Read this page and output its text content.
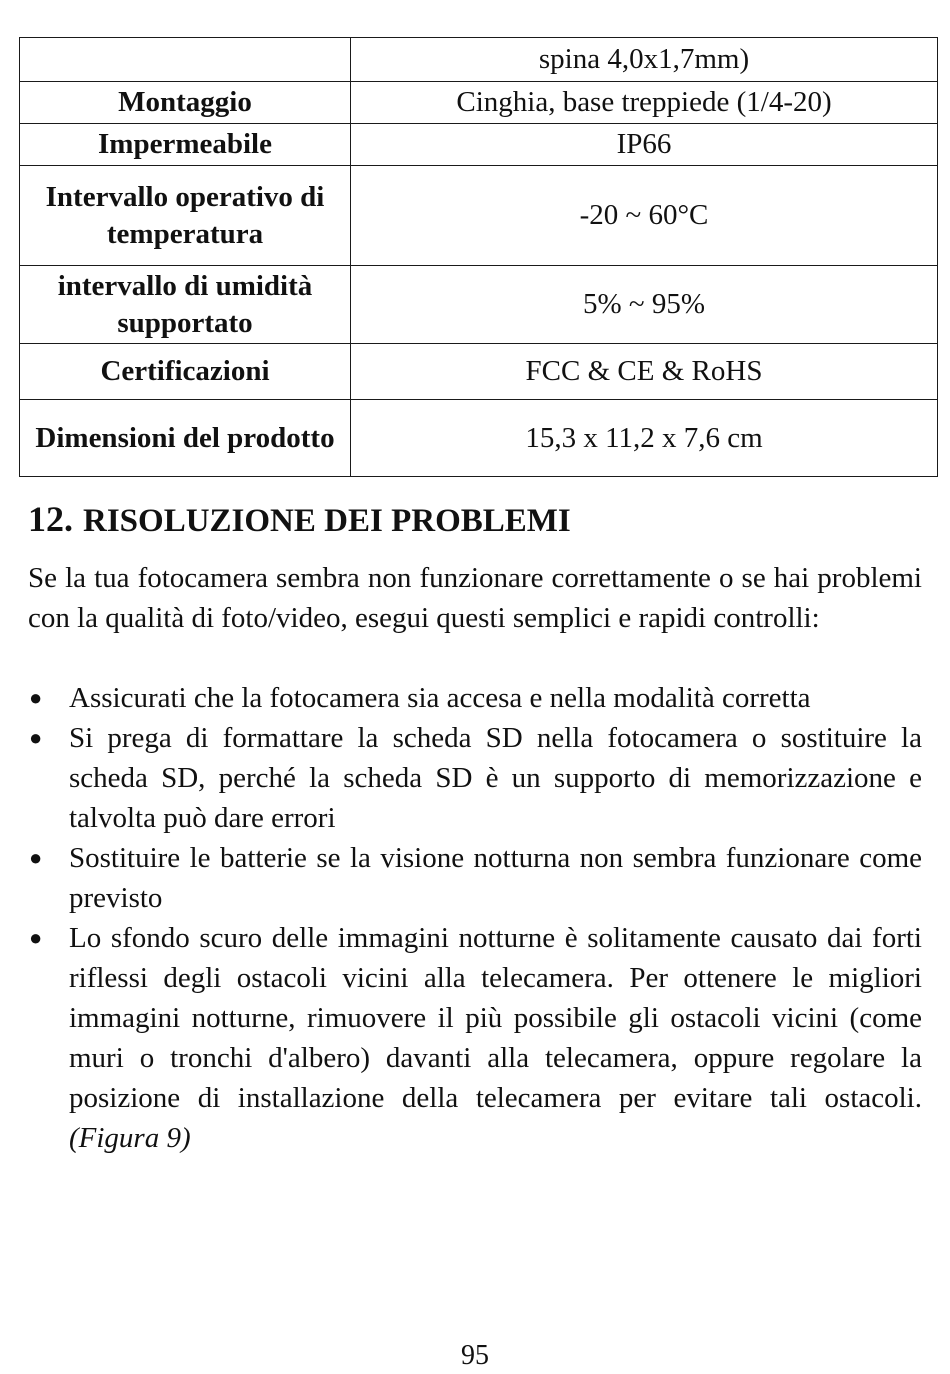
	spina 4,0x1,7mm)
Montaggio	Cinghia, base treppiede (1/4-20)
Impermeabile	IP66
Intervallo operativo di temperatura	-20 ~ 60°C
intervallo di umidità supportato	5% ~ 95%
Certificazioni	FCC & CE & RoHS
Dimensioni del prodotto	15,3 x 11,2 x 7,6 cm
12. RISOLUZIONE DEI PROBLEMI

Se la tua fotocamera sembra non funzionare correttamente o se hai problemi con la qualità di foto/video, esegui questi semplici e rapidi controlli:

● Assicurati che la fotocamera sia accesa e nella modalità corretta
● Si prega di formattare la scheda SD nella fotocamera o sostituire la scheda SD, perché la scheda SD è un supporto di memorizzazione e talvolta può dare errori
● Sostituire le batterie se la visione notturna non sembra funzionare come previsto
● Lo sfondo scuro delle immagini notturne è solitamente causato dai forti riflessi degli ostacoli vicini alla telecamera. Per ottenere le migliori immagini notturne, rimuovere il più possibile gli ostacoli vicini (come muri o tronchi d'albero) davanti alla telecamera, oppure regolare la posizione di installazione della telecamera per evitare tali ostacoli. (Figura 9)
95
